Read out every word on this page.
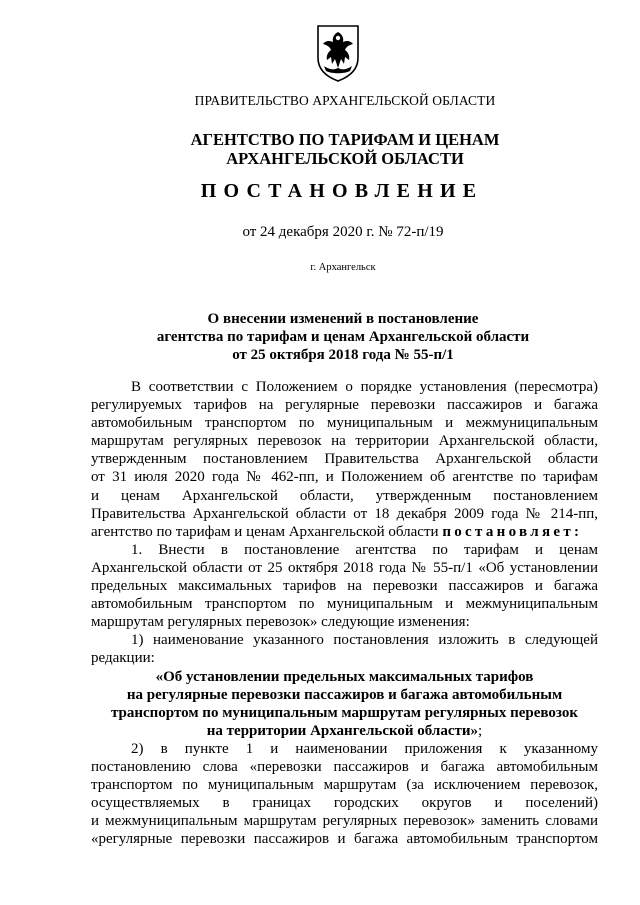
ПРАВИТЕЛЬСТВО АРХАНГЕЛЬСКОЙ ОБЛАСТИ
АГЕНТСТВО ПО ТАРИФАМ И ЦЕНАМ
АРХАНГЕЛЬСКОЙ ОБЛАСТИ
ПОСТАНОВЛЕНИЕ
от 24 декабря 2020 г. № 72-п/19
г. Архангельск
О внесении изменений в постановление
агентства по тарифам и ценам Архангельской области
от 25 октября 2018 года № 55-п/1
В соответствии с Положением о порядке установления (пересмотра)
регулируемых тарифов на регулярные перевозки пассажиров и багажа
автомобильным транспортом по муниципальным и межмуниципальным
маршрутам регулярных перевозок на территории Архангельской области,
утвержденным постановлением Правительства Архангельской области
от 31 июля 2020 года № 462-пп, и Положением об агентстве по тарифам
и ценам Архангельской области, утвержденным постановлением
Правительства Архангельской области от 18 декабря 2009 года № 214-пп,
агентство по тарифам и ценам Архангельской области постановляет:
1. Внести в постановление агентства по тарифам и ценам
Архангельской области от 25 октября 2018 года № 55-п/1 «Об установлении
предельных максимальных тарифов на перевозки пассажиров и багажа
автомобильным транспортом по муниципальным и межмуниципальным
маршрутам регулярных перевозок» следующие изменения:
1) наименование указанного постановления изложить в следующей
редакции:
«Об установлении предельных максимальных тарифов
на регулярные перевозки пассажиров и багажа автомобильным
транспортом по муниципальным маршрутам регулярных перевозок
на территории Архангельской области»;
2) в пункте 1 и наименовании приложения к указанному
постановлению слова «перевозки пассажиров и багажа автомобильным
транспортом по муниципальным маршрутам (за исключением перевозок,
осуществляемых в границах городских округов и поселений)
и межмуниципальным маршрутам регулярных перевозок» заменить словами
«регулярные перевозки пассажиров и багажа автомобильным транспортом
